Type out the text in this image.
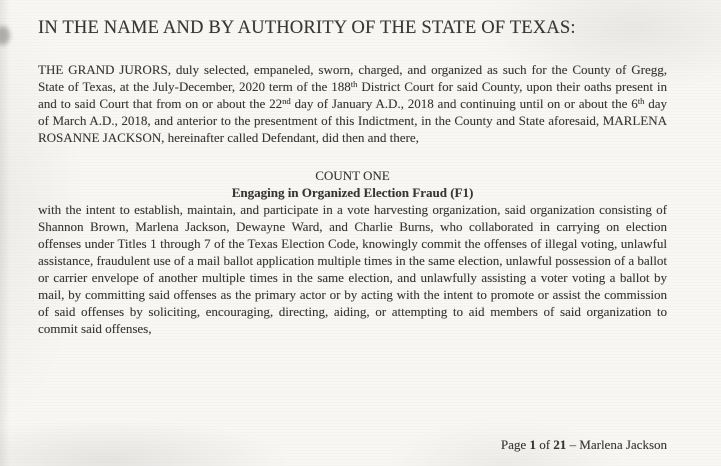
IN THE NAME AND BY AUTHORITY OF THE STATE OF TEXAS:

THE GRAND JURORS, duly selected, empaneled, sworn, charged, and organized as such for the County of Gregg, State of Texas, at the July-December, 2020 term of the 188th District Court for said County, upon their oaths present in and to said Court that from on or about the 22nd day of January A.D., 2018 and continuing until on or about the 6th day of March A.D., 2018, and anterior to the presentment of this Indictment, in the County and State aforesaid, MARLENA ROSANNE JACKSON, hereinafter called Defendant, did then and there,

COUNT ONE
Engaging in Organized Election Fraud (F1)

with the intent to establish, maintain, and participate in a vote harvesting organization, said organization consisting of Shannon Brown, Marlena Jackson, Dewayne Ward, and Charlie Burns, who collaborated in carrying on election offenses under Titles 1 through 7 of the Texas Election Code, knowingly commit the offenses of illegal voting, unlawful assistance, fraudulent use of a mail ballot application multiple times in the same election, unlawful possession of a ballot or carrier envelope of another multiple times in the same election, and unlawfully assisting a voter voting a ballot by mail, by committing said offenses as the primary actor or by acting with the intent to promote or assist the commission of said offenses by soliciting, encouraging, directing, aiding, or attempting to aid members of said organization to commit said offenses,

Page 1 of 21 – Marlena Jackson
